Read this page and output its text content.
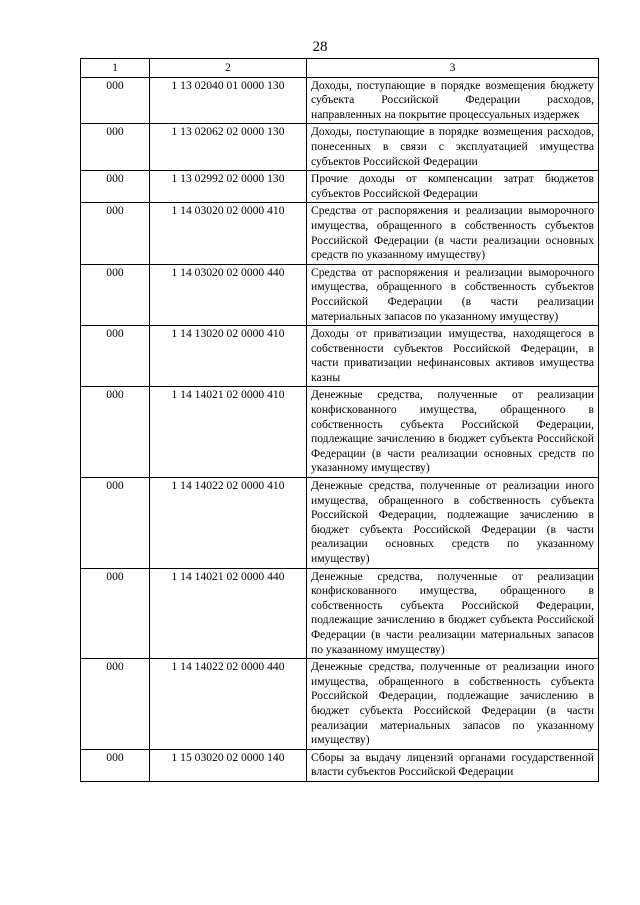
28
1	2	3
000	1 13 02040 01 0000 130	Доходы, поступающие в порядке возмещения бюджету субъекта Российской Федерации расходов, направленных на покрытие процессуальных издержек
000	1 13 02062 02 0000 130	Доходы, поступающие в порядке возмещения расходов, понесенных в связи с эксплуатацией имущества субъектов Российской Федерации
000	1 13 02992 02 0000 130	Прочие доходы от компенсации затрат бюджетов субъектов Российской Федерации
000	1 14 03020 02 0000 410	Средства от распоряжения и реализации выморочного имущества, обращенного в собственность субъектов Российской Федерации (в части реализации основных средств по указанному имуществу)
000	1 14 03020 02 0000 440	Средства от распоряжения и реализации выморочного имущества, обращенного в собственность субъектов Российской Федерации (в части реализации материальных запасов по указанному имуществу)
000	1 14 13020 02 0000 410	Доходы от приватизации имущества, находящегося в собственности субъектов Российской Федерации, в части приватизации нефинансовых активов имущества казны
000	1 14 14021 02 0000 410	Денежные средства, полученные от реализации конфискованного имущества, обращенного в собственность субъекта Российской Федерации, подлежащие зачислению в бюджет субъекта Российской Федерации (в части реализации основных средств по указанному имуществу)
000	1 14 14022 02 0000 410	Денежные средства, полученные от реализации иного имущества, обращенного в собственность субъекта Российской Федерации, подлежащие зачислению в бюджет субъекта Российской Федерации (в части реализации основных средств по указанному имуществу)
000	1 14 14021 02 0000 440	Денежные средства, полученные от реализации конфискованного имущества, обращенного в собственность субъекта Российской Федерации, подлежащие зачислению в бюджет субъекта Российской Федерации (в части реализации материальных запасов по указанному имуществу)
000	1 14 14022 02 0000 440	Денежные средства, полученные от реализации иного имущества, обращенного в собственность субъекта Российской Федерации, подлежащие зачислению в бюджет субъекта Российской Федерации (в части реализации материальных запасов по указанному имуществу)
000	1 15 03020 02 0000 140	Сборы за выдачу лицензий органами государственной власти субъектов Российской Федерации
